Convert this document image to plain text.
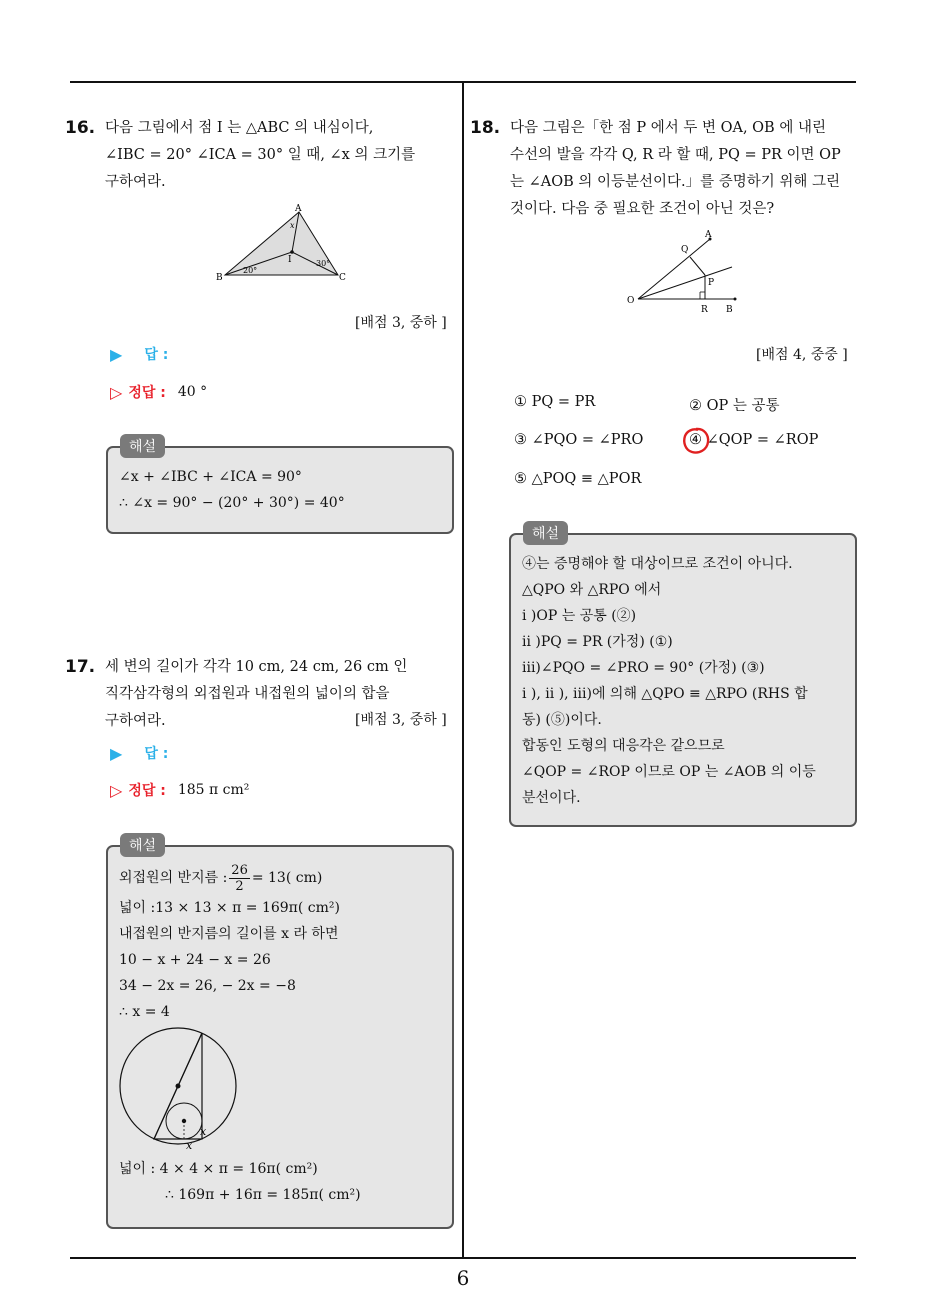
6
16. 다음 그림에서 점 I 는 △ABC 의 내심이다,
∠IBC = 20° ∠ICA = 30° 일 때, ∠x 의 크기를
구하여라.
A
B	C
I
x
20°
30°
[배점 3, 중하 ]
▶ 답 :
▷ 정답 : 40 °
해설
∠x + ∠IBC + ∠ICA = 90°
∴ ∠x = 90° − (20° + 30°) = 40°
17. 세 변의 길이가 각각 10 cm, 24 cm, 26 cm 인
직각삼각형의 외접원과 내접원의 넓이의 합을
구하여라.	[배점 3, 중하 ]
▶ 답 :
▷ 정답 : 185 π cm²
해설
외접원의 반지름 : $\frac{26}{2} = 13$( cm)
넓이 :13 × 13 × π = 169π( cm²)
내접원의 반지름의 길이를 x 라 하면
10 − x + 24 − x = 26
34 − 2x = 26, − 2x = −8
∴ x = 4
x
x
넓이 : 4 × 4 × π = 16π( cm²)
∴ 169π + 16π = 185π( cm²)
18. 다음 그림은「한 점 P 에서 두 변 OA, OB 에 내린
수선의 발을 각각 Q, R 라 할 때, PQ = PR 이면 OP
는 ∠AOB 의 이등분선이다.」를 증명하기 위해 그린
것이다. 다음 중 필요한 조건이 아닌 것은?
A
O
B
P
Q
R
[배점 4, 중중 ]
① PQ = PR	② OP 는 공통
③ ∠PQO = ∠PRO	④ ∠QOP = ∠ROP
⑤ △POQ ≡ △POR
해설
④는 증명해야 할 대상이므로 조건이 아니다.
△QPO 와 △RPO 에서
i )OP 는 공통 (②)
ii )PQ = PR (가정) (①)
iii)∠PQO = ∠PRO = 90° (가정) (③)
i ), ii ), iii)에 의해 △QPO ≡ △RPO (RHS 합
동) (⑤)이다.
합동인 도형의 대응각은 같으므로
∠QOP = ∠ROP 이므로 OP 는 ∠AOB 의 이등
분선이다.
